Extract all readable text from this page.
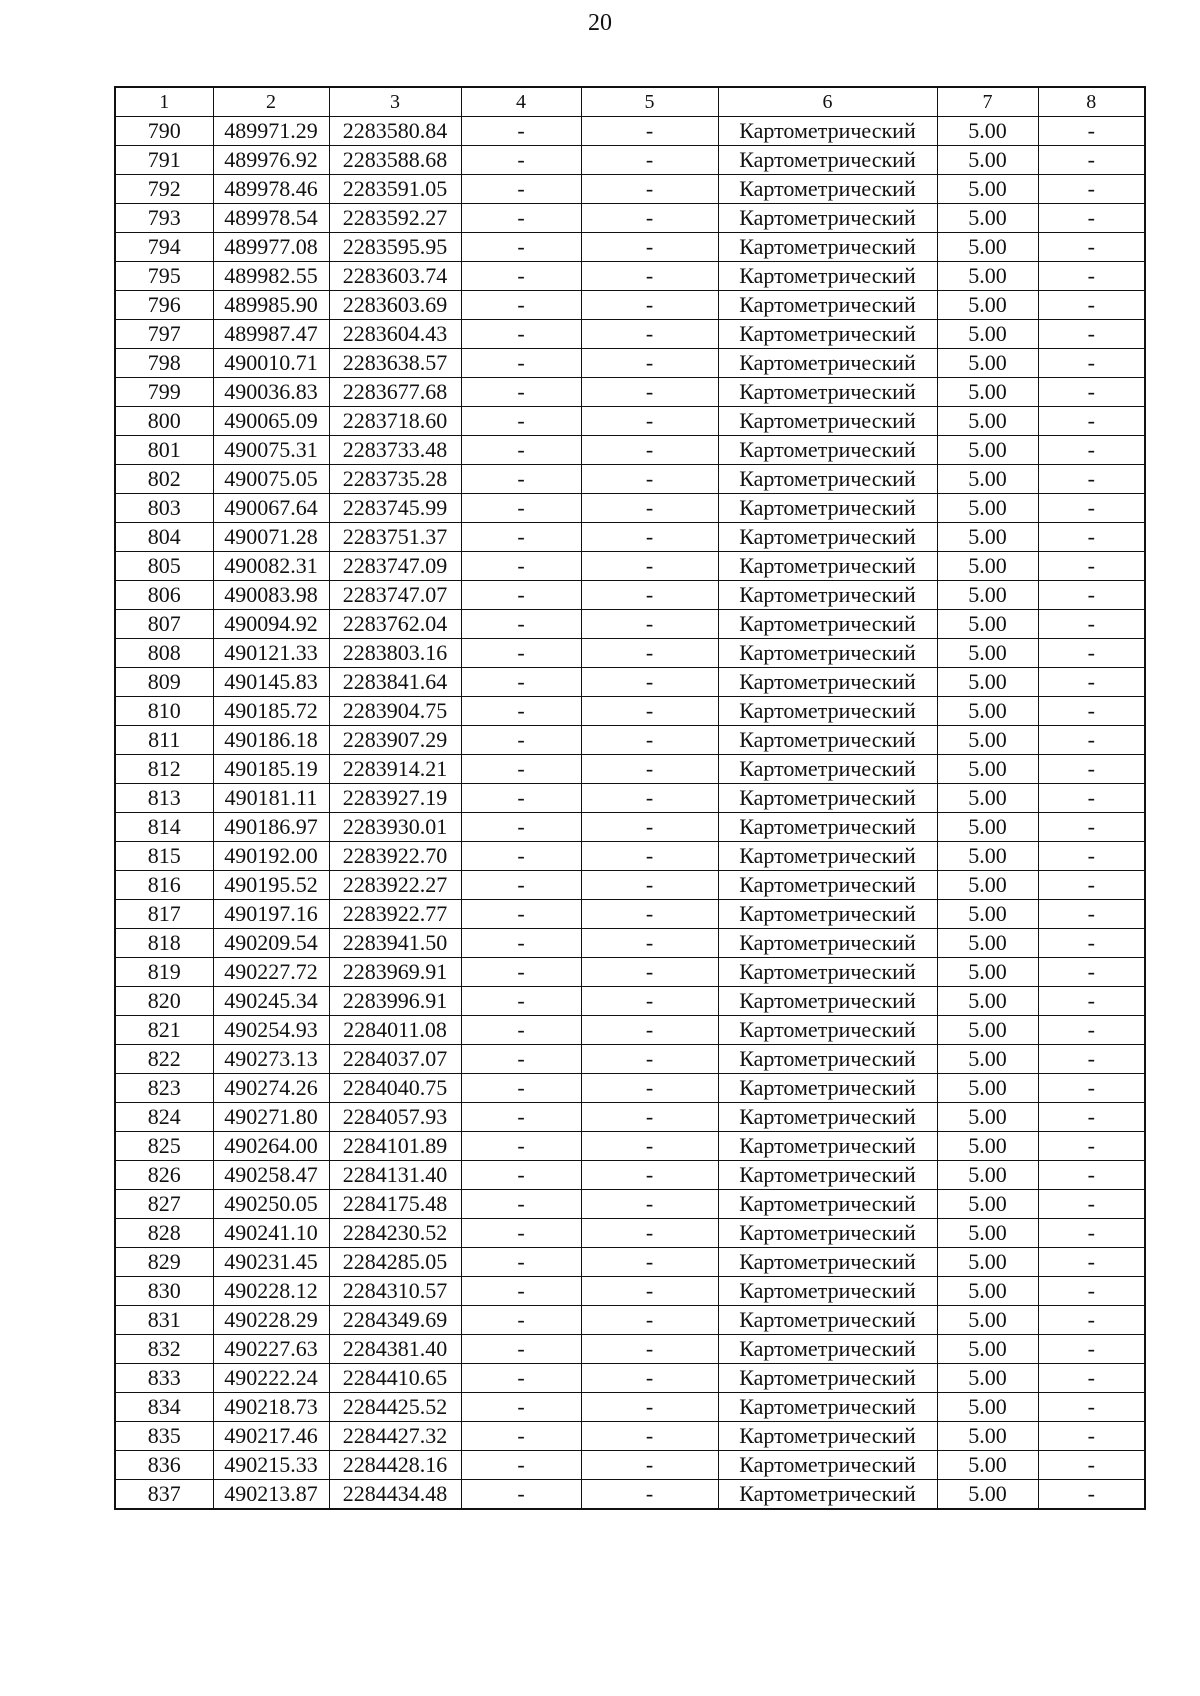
20
1	2	3	4	5	6	7	8
790	489971.29	2283580.84	-	-	Картометрический	5.00	-
791	489976.92	2283588.68	-	-	Картометрический	5.00	-
792	489978.46	2283591.05	-	-	Картометрический	5.00	-
793	489978.54	2283592.27	-	-	Картометрический	5.00	-
794	489977.08	2283595.95	-	-	Картометрический	5.00	-
795	489982.55	2283603.74	-	-	Картометрический	5.00	-
796	489985.90	2283603.69	-	-	Картометрический	5.00	-
797	489987.47	2283604.43	-	-	Картометрический	5.00	-
798	490010.71	2283638.57	-	-	Картометрический	5.00	-
799	490036.83	2283677.68	-	-	Картометрический	5.00	-
800	490065.09	2283718.60	-	-	Картометрический	5.00	-
801	490075.31	2283733.48	-	-	Картометрический	5.00	-
802	490075.05	2283735.28	-	-	Картометрический	5.00	-
803	490067.64	2283745.99	-	-	Картометрический	5.00	-
804	490071.28	2283751.37	-	-	Картометрический	5.00	-
805	490082.31	2283747.09	-	-	Картометрический	5.00	-
806	490083.98	2283747.07	-	-	Картометрический	5.00	-
807	490094.92	2283762.04	-	-	Картометрический	5.00	-
808	490121.33	2283803.16	-	-	Картометрический	5.00	-
809	490145.83	2283841.64	-	-	Картометрический	5.00	-
810	490185.72	2283904.75	-	-	Картометрический	5.00	-
811	490186.18	2283907.29	-	-	Картометрический	5.00	-
812	490185.19	2283914.21	-	-	Картометрический	5.00	-
813	490181.11	2283927.19	-	-	Картометрический	5.00	-
814	490186.97	2283930.01	-	-	Картометрический	5.00	-
815	490192.00	2283922.70	-	-	Картометрический	5.00	-
816	490195.52	2283922.27	-	-	Картометрический	5.00	-
817	490197.16	2283922.77	-	-	Картометрический	5.00	-
818	490209.54	2283941.50	-	-	Картометрический	5.00	-
819	490227.72	2283969.91	-	-	Картометрический	5.00	-
820	490245.34	2283996.91	-	-	Картометрический	5.00	-
821	490254.93	2284011.08	-	-	Картометрический	5.00	-
822	490273.13	2284037.07	-	-	Картометрический	5.00	-
823	490274.26	2284040.75	-	-	Картометрический	5.00	-
824	490271.80	2284057.93	-	-	Картометрический	5.00	-
825	490264.00	2284101.89	-	-	Картометрический	5.00	-
826	490258.47	2284131.40	-	-	Картометрический	5.00	-
827	490250.05	2284175.48	-	-	Картометрический	5.00	-
828	490241.10	2284230.52	-	-	Картометрический	5.00	-
829	490231.45	2284285.05	-	-	Картометрический	5.00	-
830	490228.12	2284310.57	-	-	Картометрический	5.00	-
831	490228.29	2284349.69	-	-	Картометрический	5.00	-
832	490227.63	2284381.40	-	-	Картометрический	5.00	-
833	490222.24	2284410.65	-	-	Картометрический	5.00	-
834	490218.73	2284425.52	-	-	Картометрический	5.00	-
835	490217.46	2284427.32	-	-	Картометрический	5.00	-
836	490215.33	2284428.16	-	-	Картометрический	5.00	-
837	490213.87	2284434.48	-	-	Картометрический	5.00	-
